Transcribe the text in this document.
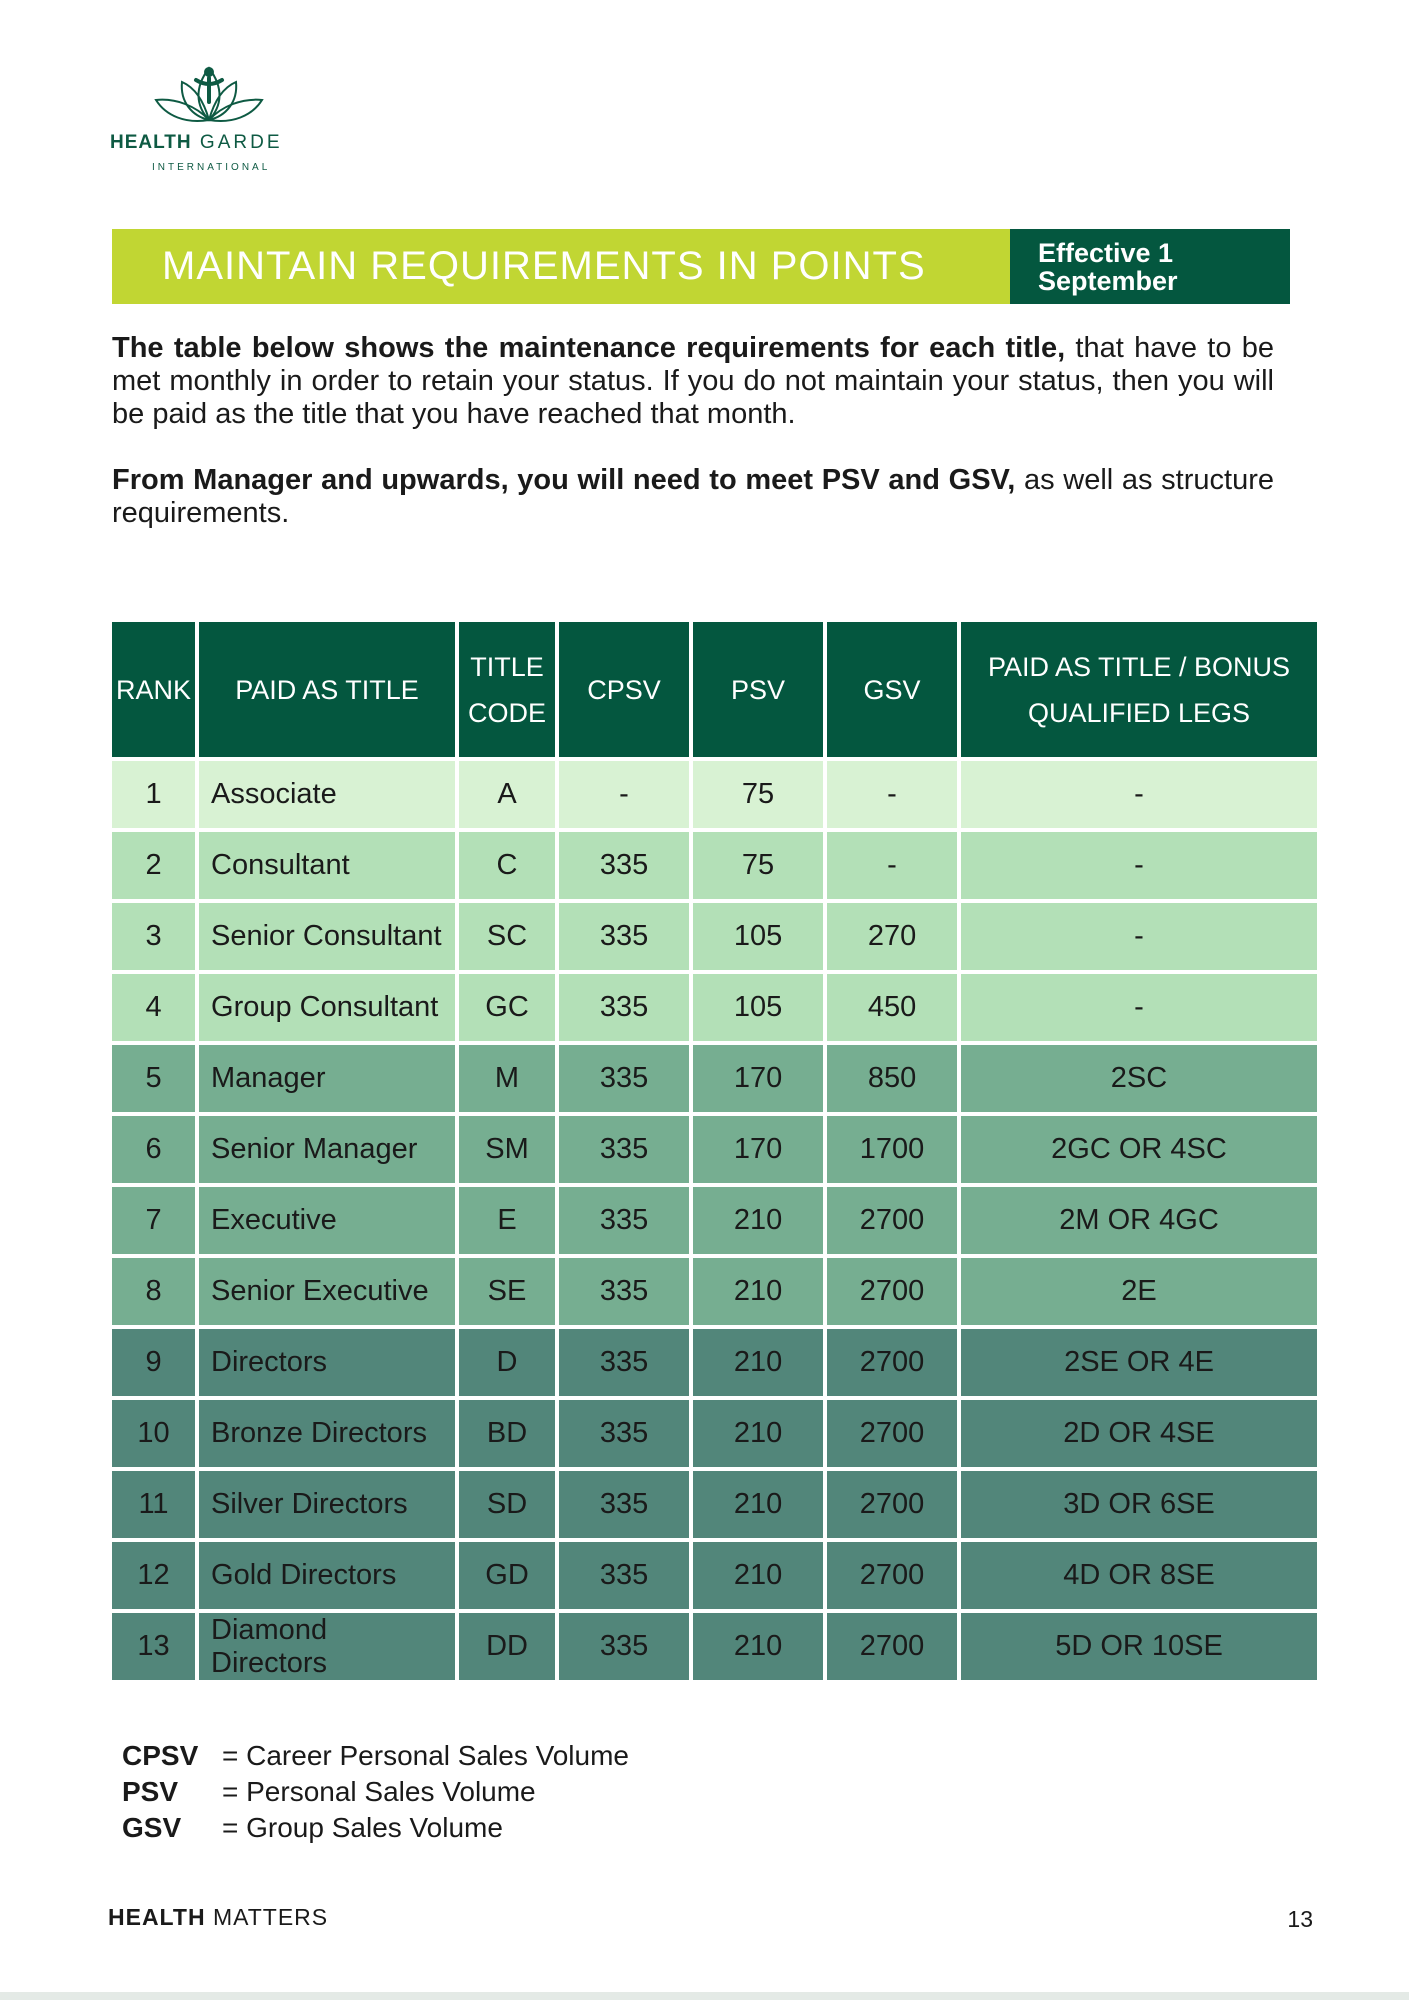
HEALTH GARDE
INTERNATIONAL
MAINTAIN REQUIREMENTS IN POINTS	Effective 1
September

The table below shows the maintenance requirements for each title, that have to be met monthly in order to retain your status. If you do not maintain your status, then you will be paid as the title that you have reached that month.

From Manager and upwards, you will need to meet PSV and GSV, as well as structure requirements.

RANK	PAID AS TITLE	TITLE CODE	CPSV	PSV	GSV	PAID AS TITLE / BONUS QUALIFIED LEGS
1	Associate	A	-	75	-	-
2	Consultant	C	335	75	-	-
3	Senior Consultant	SC	335	105	270	-
4	Group Consultant	GC	335	105	450	-
5	Manager	M	335	170	850	2SC
6	Senior Manager	SM	335	170	1700	2GC OR 4SC
7	Executive	E	335	210	2700	2M OR 4GC
8	Senior Executive	SE	335	210	2700	2E
9	Directors	D	335	210	2700	2SE OR 4E
10	Bronze Directors	BD	335	210	2700	2D OR 4SE
11	Silver Directors	SD	335	210	2700	3D OR 6SE
12	Gold Directors	GD	335	210	2700	4D OR 8SE
13	Diamond Directors	DD	335	210	2700	5D OR 10SE
CPSV = Career Personal Sales Volume
PSV	= Personal Sales Volume
GSV	= Group Sales Volume
HEALTH MATTERS	13
